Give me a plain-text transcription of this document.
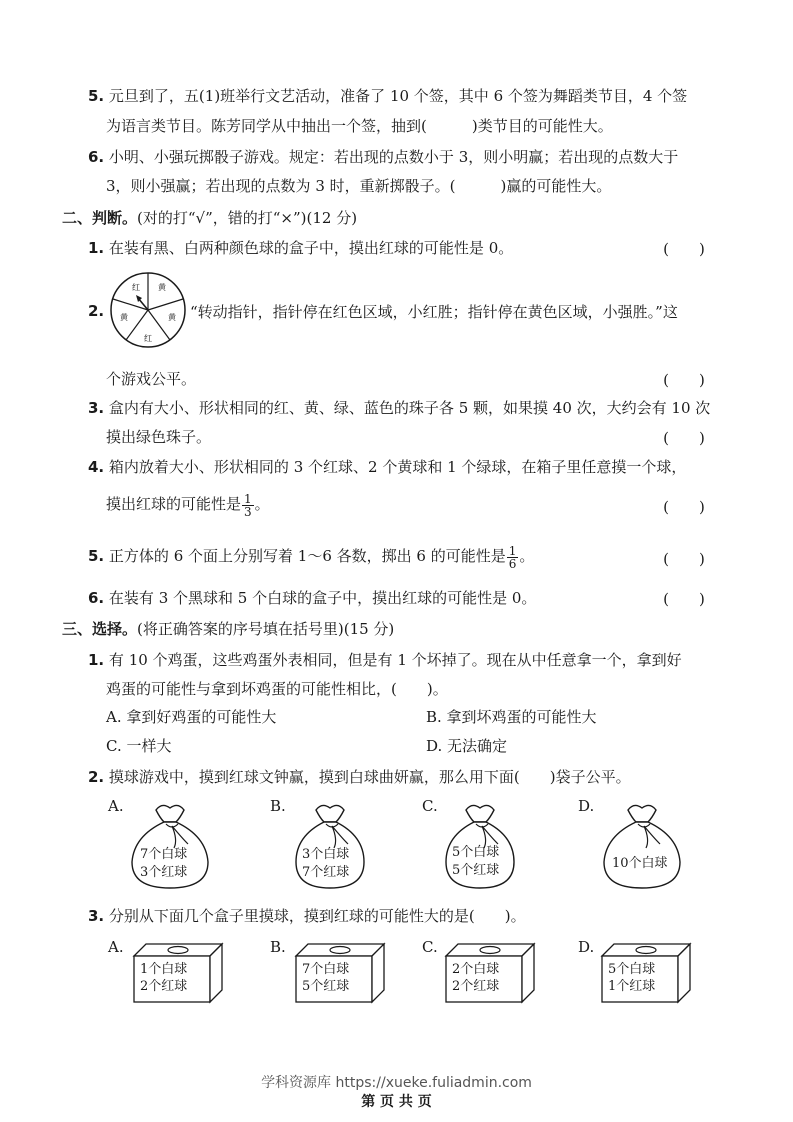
5. 元旦到了，五(1)班举行文艺活动，准备了 10 个签，其中 6 个签为舞蹈类节目，4 个签
为语言类节目。陈芳同学从中抽出一个签，抽到(　　　)类节目的可能性大。
6. 小明、小强玩掷骰子游戏。规定：若出现的点数小于 3，则小明赢；若出现的点数大于
3，则小强赢；若出现的点数为 3 时，重新掷骰子。(　　　)赢的可能性大。
二、判断。(对的打“√”，错的打“×”)(12 分)
1. 在装有黑、白两种颜色球的盒子中，摸出红球的可能性是 0。	(　　)
2.
红 黄
黄
红
黄	“转动指针，指针停在红色区域，小红胜；指针停在黄色区域，小强胜。”这
个游戏公平。	(　　)
3. 盒内有大小、形状相同的红、黄、绿、蓝色的珠子各 5 颗，如果摸 40 次，大约会有 10 次
摸出绿色珠子。	(　　)
4. 箱内放着大小、形状相同的 3 个红球、2 个黄球和 1 个绿球，在箱子里任意摸一个球，
摸出红球的可能性是 $\frac{1}{3}$ 。	(　　)
5. 正方体的 6 个面上分别写着 1～6 各数，掷出 6 的可能性是 $\frac{1}{6}$ 。	(　　)
6. 在装有 3 个黑球和 5 个白球的盒子中，摸出红球的可能性是 0。	(　　)
三、选择。(将正确答案的序号填在括号里)(15 分)
1. 有 10 个鸡蛋，这些鸡蛋外表相同，但是有 1 个坏掉了。现在从中任意拿一个，拿到好
鸡蛋的可能性与拿到坏鸡蛋的可能性相比，(　　)。
A. 拿到好鸡蛋的可能性大	B. 拿到坏鸡蛋的可能性大
C. 一样大	D. 无法确定
2. 摸球游戏中，摸到红球文钟赢，摸到白球曲妍赢，那么用下面(　　)袋子公平。
A.
7个白球
3个红球
B.
3个白球
7个红球
C.
5个白球
5个红球
D.
10个白球
3. 分别从下面几个盒子里摸球，摸到红球的可能性大的是(　　)。
A.
1个白球
2个红球
B.
7个白球
5个红球
C.
2个白球
2个红球
D.
5个白球
1个红球
学科资源库 https://xueke.fuliadmin.com
第 页 共 页
